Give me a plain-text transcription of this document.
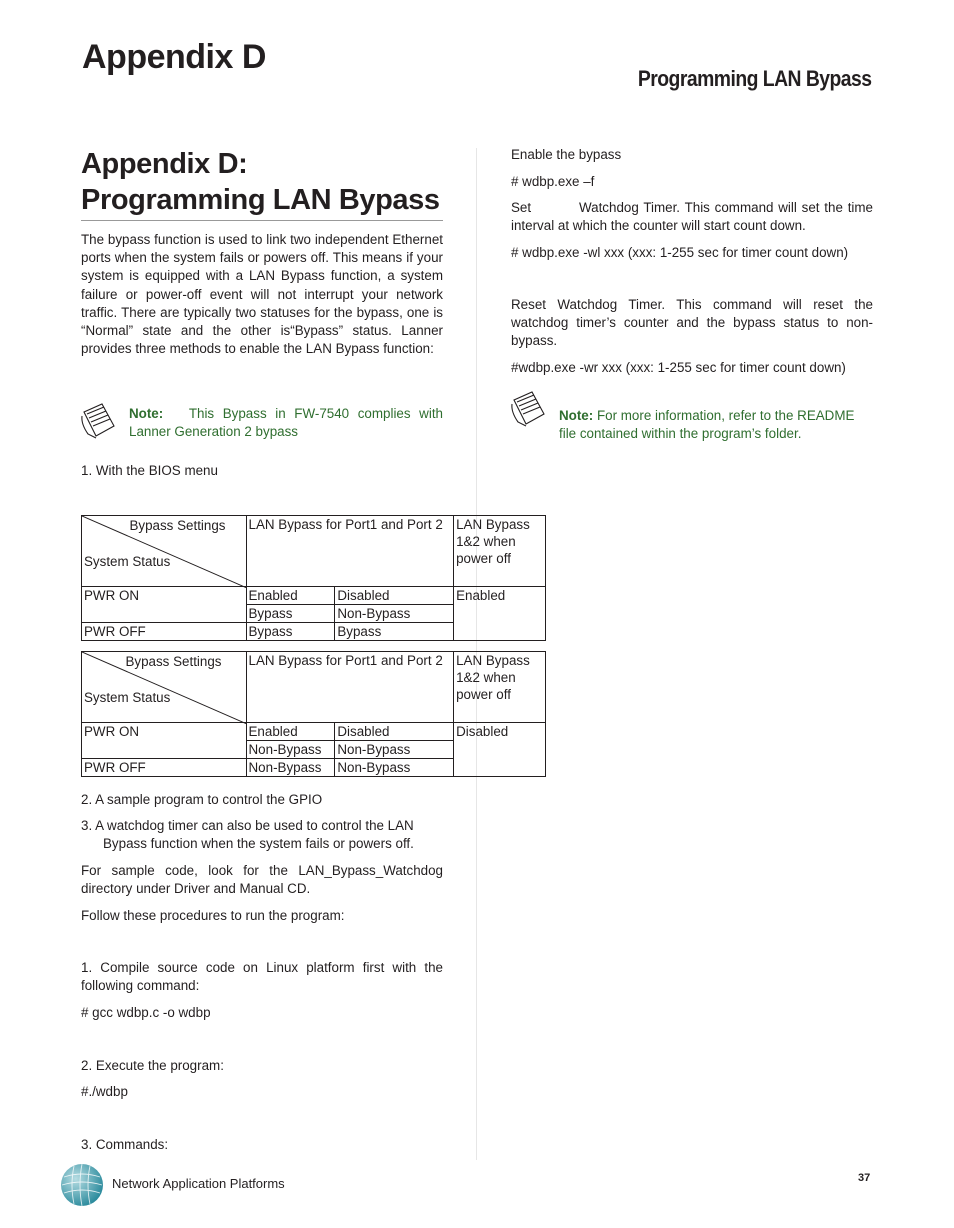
Appendix D
Programming LAN Bypass
Appendix D:
Programming LAN Bypass
The bypass function is used to link two independent Ethernet ports when the system fails or powers off. This means if your system is equipped with a LAN Bypass function, a system failure or power-off event will not interrupt your network traffic. There are typically two statuses for the bypass, one is “Normal” state and the other is“Bypass” status. Lanner provides three methods to enable the LAN Bypass function:
Note: This Bypass in FW-7540 complies with Lanner Generation 2 bypass
1. With the BIOS menu
Bypass Settings
System Status	LAN Bypass for Port1 and Port 2		LAN Bypass 1&2 when power off
PWR ON	Enabled	Disabled	Enabled
	Bypass	Non-Bypass	
PWR OFF	Bypass	Bypass	
Bypass Settings
System Status	LAN Bypass for Port1 and Port 2		LAN Bypass 1&2 when power off
PWR ON	Enabled	Disabled	Disabled
	Non-Bypass	Non-Bypass	
PWR OFF	Non-Bypass	Non-Bypass	
2. A sample program to control the GPIO
3. A watchdog timer can also be used to control the LAN
Bypass function when the system fails or powers off.
For sample code, look for the LAN_Bypass_Watchdog directory under Driver and Manual CD.
Follow these procedures to run the program:
1. Compile source code on Linux platform first with the following command:
# gcc wdbp.c -o wdbp
2. Execute the program:
#./wdbp
3. Commands:
Enable the bypass
# wdbp.exe –f
Set          Watchdog Timer. This command will set the time interval at which the counter will start count down.
# wdbp.exe -wl xxx (xxx: 1-255 sec for timer count down)
Reset Watchdog Timer. This command will reset the watchdog timer’s counter and the bypass status to non-bypass.
#wdbp.exe -wr xxx (xxx: 1-255 sec for timer count down)
Note: For more information, refer to the README file contained within the program’s folder.
Network Application Platforms	37
